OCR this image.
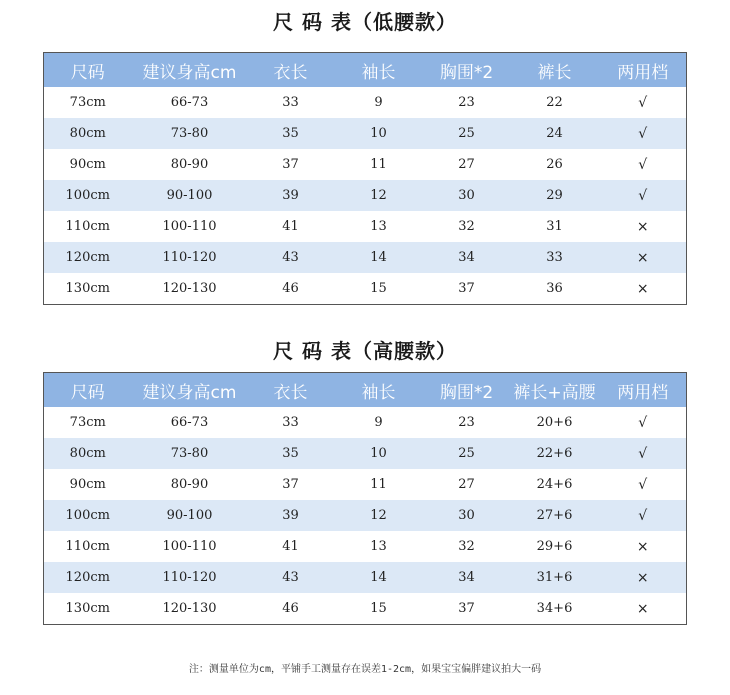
尺 码 表（低腰款）
尺码	建议身高cm	衣长	袖长	胸围*2	裤长	两用档
73cm	66-73	33	9	23	22	√
80cm	73-80	35	10	25	24	√
90cm	80-90	37	11	27	26	√
100cm	90-100	39	12	30	29	√
110cm	100-110	41	13	32	31	×
120cm	110-120	43	14	34	33	×
130cm	120-130	46	15	37	36	×
尺 码 表（高腰款）
尺码	建议身高cm	衣长	袖长	胸围*2	裤长+高腰	两用档
73cm	66-73	33	9	23	20+6	√
80cm	73-80	35	10	25	22+6	√
90cm	80-90	37	11	27	24+6	√
100cm	90-100	39	12	30	27+6	√
110cm	100-110	41	13	32	29+6	×
120cm	110-120	43	14	34	31+6	×
130cm	120-130	46	15	37	34+6	×
注：测量单位为cm，平铺手工测量存在误差1-2cm，如果宝宝偏胖建议拍大一码
